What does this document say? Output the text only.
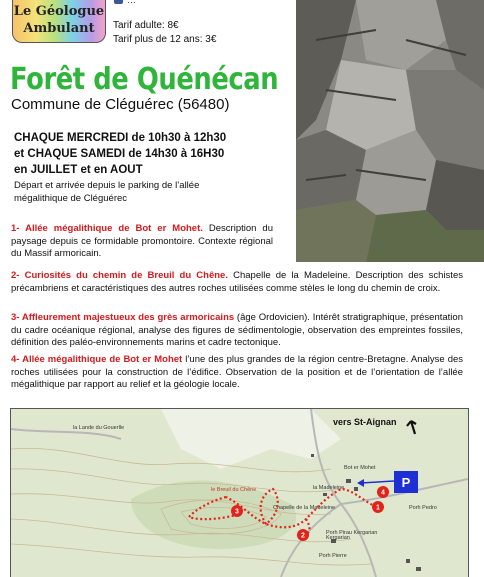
Le Géologue
Ambulant
…
Tarif adulte: 8€
Tarif plus de 12 ans: 3€
Forêt de Quénécan
Commune de Cléguérec (56480)
CHAQUE MERCREDI de 10h30 à 12h30
et CHAQUE SAMEDI de 14h30 à 16H30
en JUILLET et en AOUT
Départ et arrivée depuis le parking de l’allée
mégalithique de Cléguérec
1- Allée mégalithique de Bot er Mohet. Description du paysage depuis ce formidable promontoire. Contexte régional du Massif armoricain.
2- Curiosités du chemin de Breuil du Chêne. Chapelle de la Madeleine. Description des schistes précambriens et caractéristiques des autres roches utilisées comme stèles le long du chemin de croix.
3- Affleurement majestueux des grès armoricains (âge Ordovicien). Intérêt stratigraphique, présentation du cadre océanique régional, analyse des figures de sédimentologie, observation des empreintes fossiles, définition des paléo-environnements marins et cadre tectonique.
4- Allée mégalithique de Bot er Mohet l’une des plus grandes de la région centre-Bretagne. Analyse des roches utilisées pour la construction de l’édifice. Observation de la position et de l’orientation de l’allée mégalithique par rapport au relief et la géologie locale.
la Lande du Gouerlle
le Breuil du Chêne
Bot er Mohet
la Madeleine
Chapelle de la Madeleine
Porh Pierre
Kergarian
Porh Pirau Kergarian
Porh Pedro
vers St-Aignan
P
1
2
3
4
